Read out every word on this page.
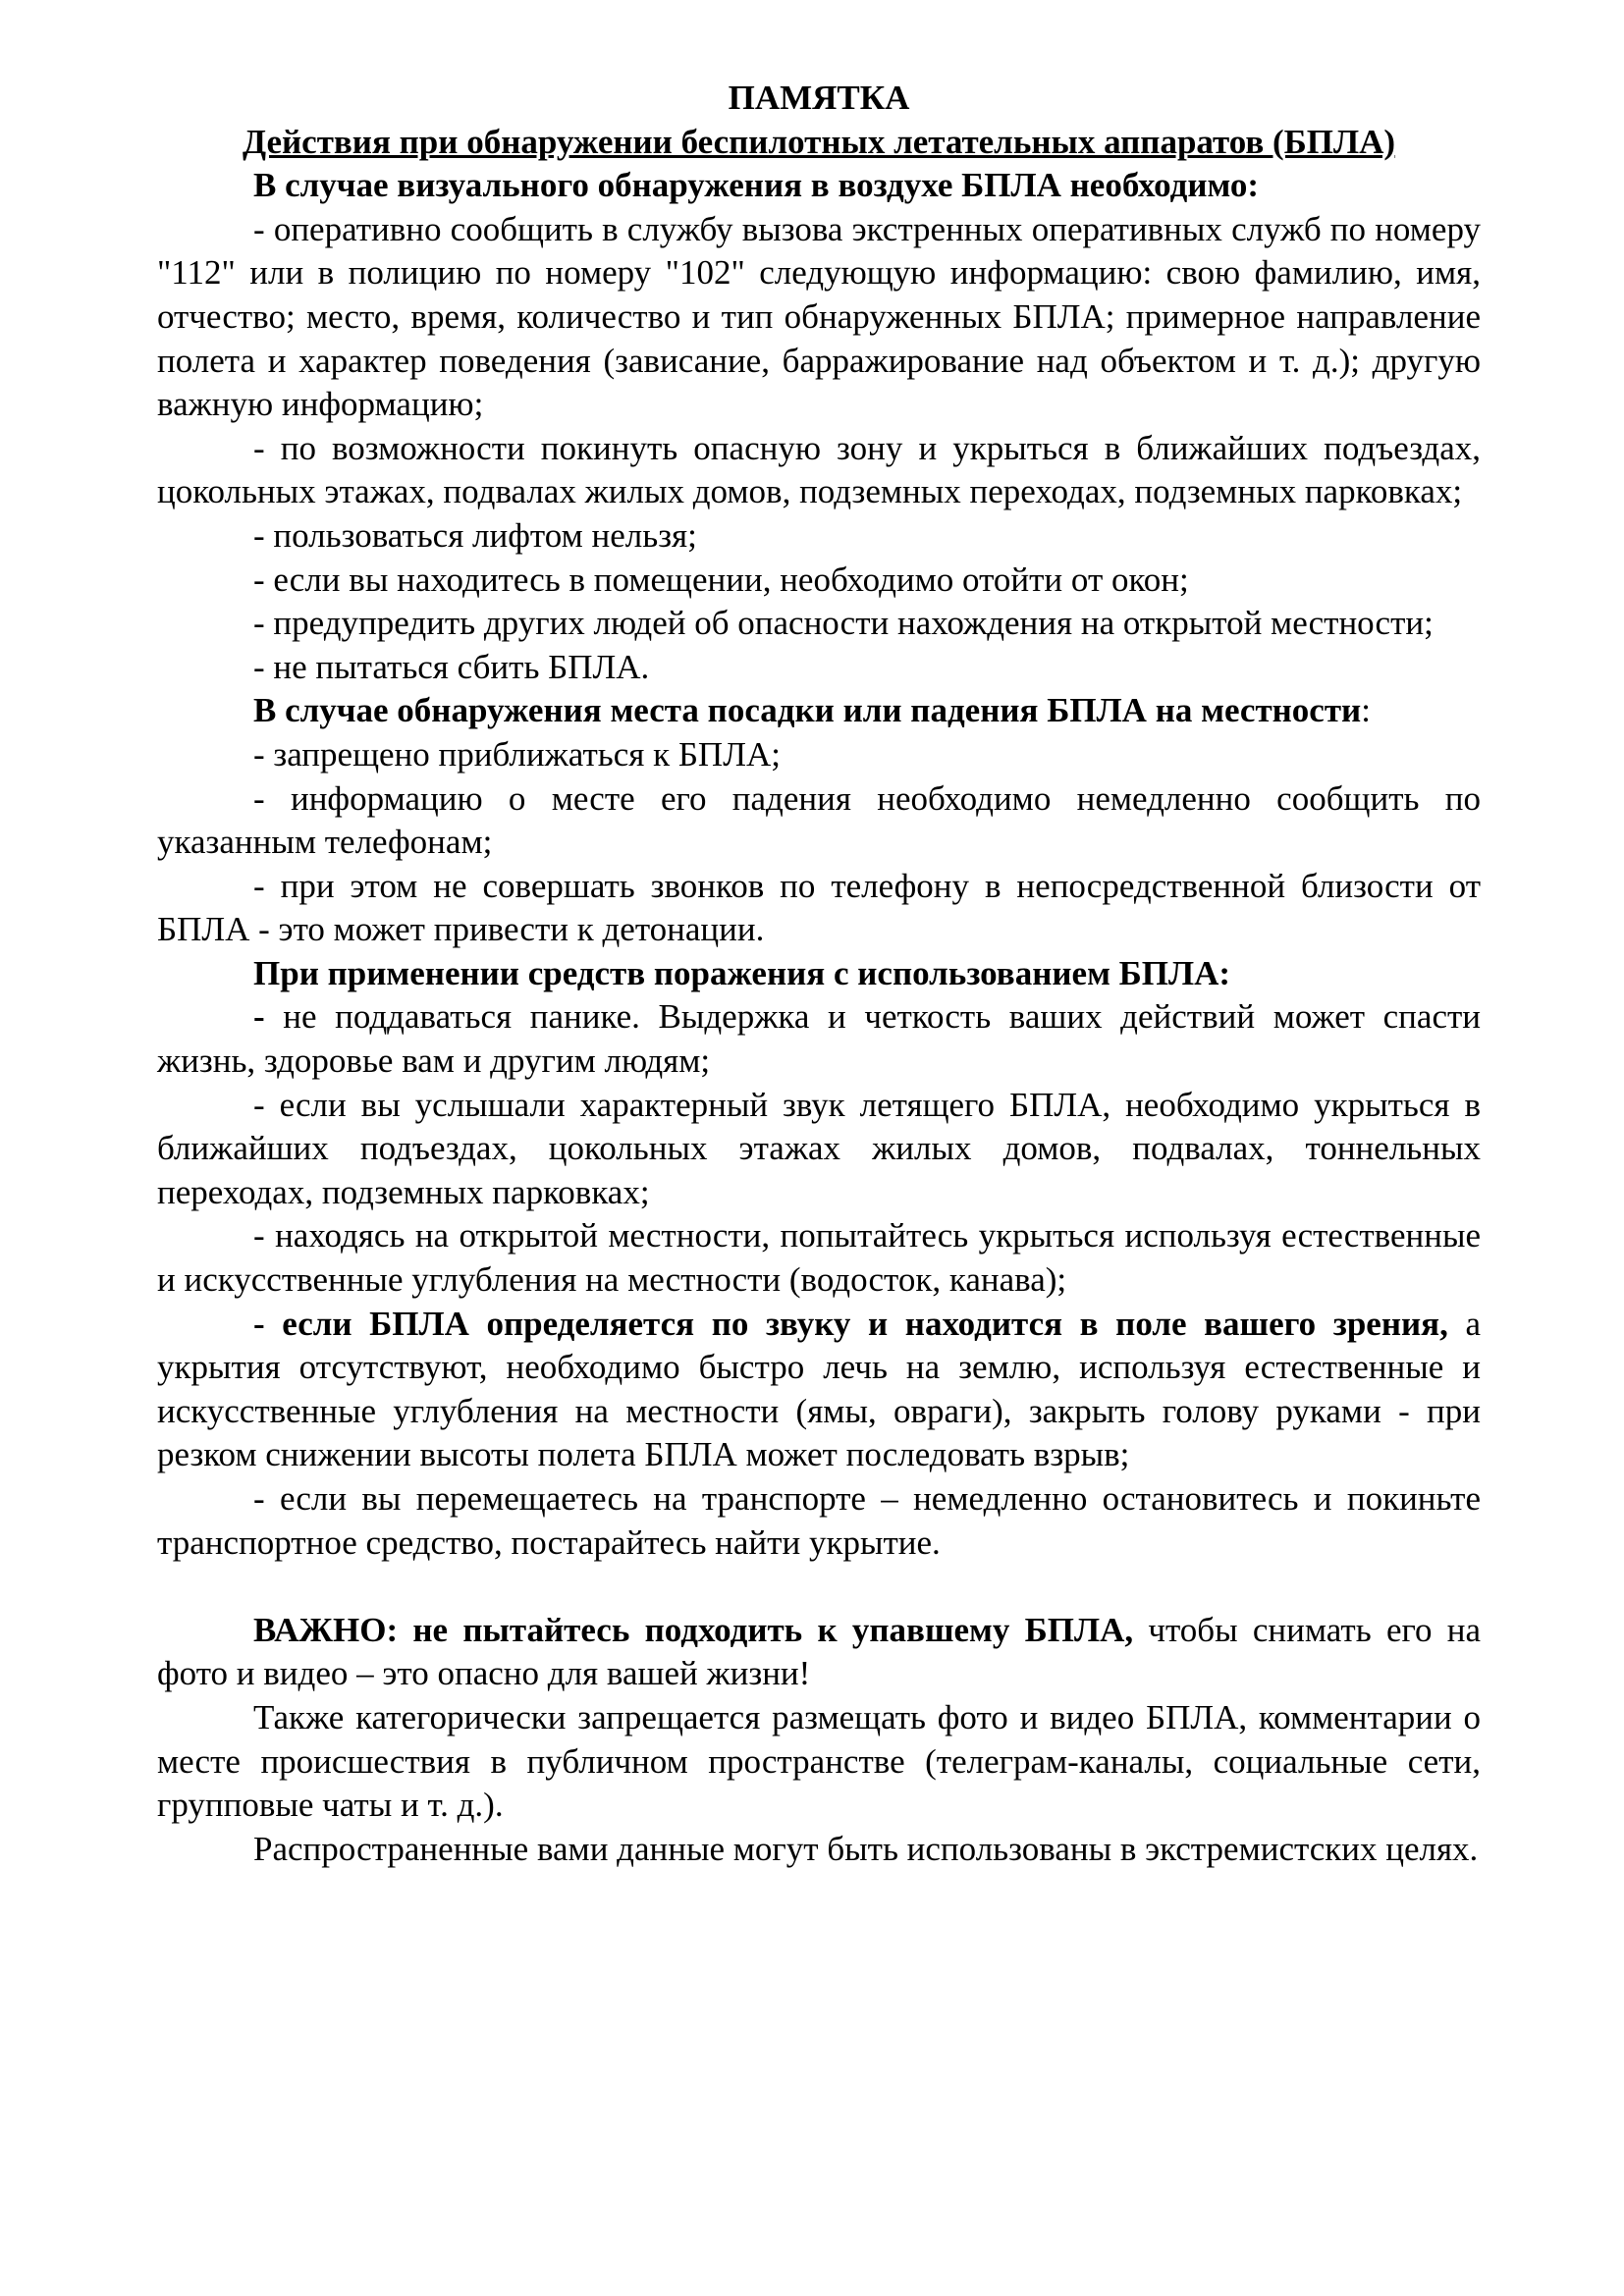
ПАМЯТКА

Действия при обнаружении беспилотных летательных аппаратов (БПЛА)

В случае визуального обнаружения в воздухе БПЛА необходимо:

- оперативно сообщить в службу вызова экстренных оперативных служб по номеру "112" или в полицию по номеру "102" следующую информацию: свою фамилию, имя, отчество; место, время, количество и тип обнаруженных БПЛА; примерное направление полета и характер поведения (зависание, барражирование над объектом и т. д.); другую важную информацию;

- по возможности покинуть опасную зону и укрыться в ближайших подъездах, цокольных этажах, подвалах жилых домов, подземных переходах, подземных парковках;

- пользоваться лифтом нельзя;

- если вы находитесь в помещении, необходимо отойти от окон;

- предупредить других людей об опасности нахождения на открытой местности;

- не пытаться сбить БПЛА.

В случае обнаружения места посадки или падения БПЛА на местности:

- запрещено приближаться к БПЛА;

- информацию о месте его падения необходимо немедленно сообщить по указанным телефонам;

- при этом не совершать звонков по телефону в непосредственной близости от БПЛА - это может привести к детонации.

При применении средств поражения с использованием БПЛА:

- не поддаваться панике. Выдержка и четкость ваших действий может спасти жизнь, здоровье вам и другим людям;

- если вы услышали характерный звук летящего БПЛА, необходимо укрыться в ближайших подъездах, цокольных этажах жилых домов, подвалах, тоннельных переходах, подземных парковках;

- находясь на открытой местности, попытайтесь укрыться используя естественные и искусственные углубления на местности (водосток, канава);

- если БПЛА определяется по звуку и находится в поле вашего зрения, а укрытия отсутствуют, необходимо быстро лечь на землю, используя естественные и искусственные углубления на местности (ямы, овраги), закрыть голову руками - при резком снижении высоты полета БПЛА может последовать взрыв;

- если вы перемещаетесь на транспорте – немедленно остановитесь и покиньте транспортное средство, постарайтесь найти укрытие.

ВАЖНО: не пытайтесь подходить к упавшему БПЛА, чтобы снимать его на фото и видео – это опасно для вашей жизни!

Также категорически запрещается размещать фото и видео БПЛА, комментарии о месте происшествия в публичном пространстве (телеграм-каналы, социальные сети, групповые чаты и т. д.).

Распространенные вами данные могут быть использованы в экстремистских целях.
